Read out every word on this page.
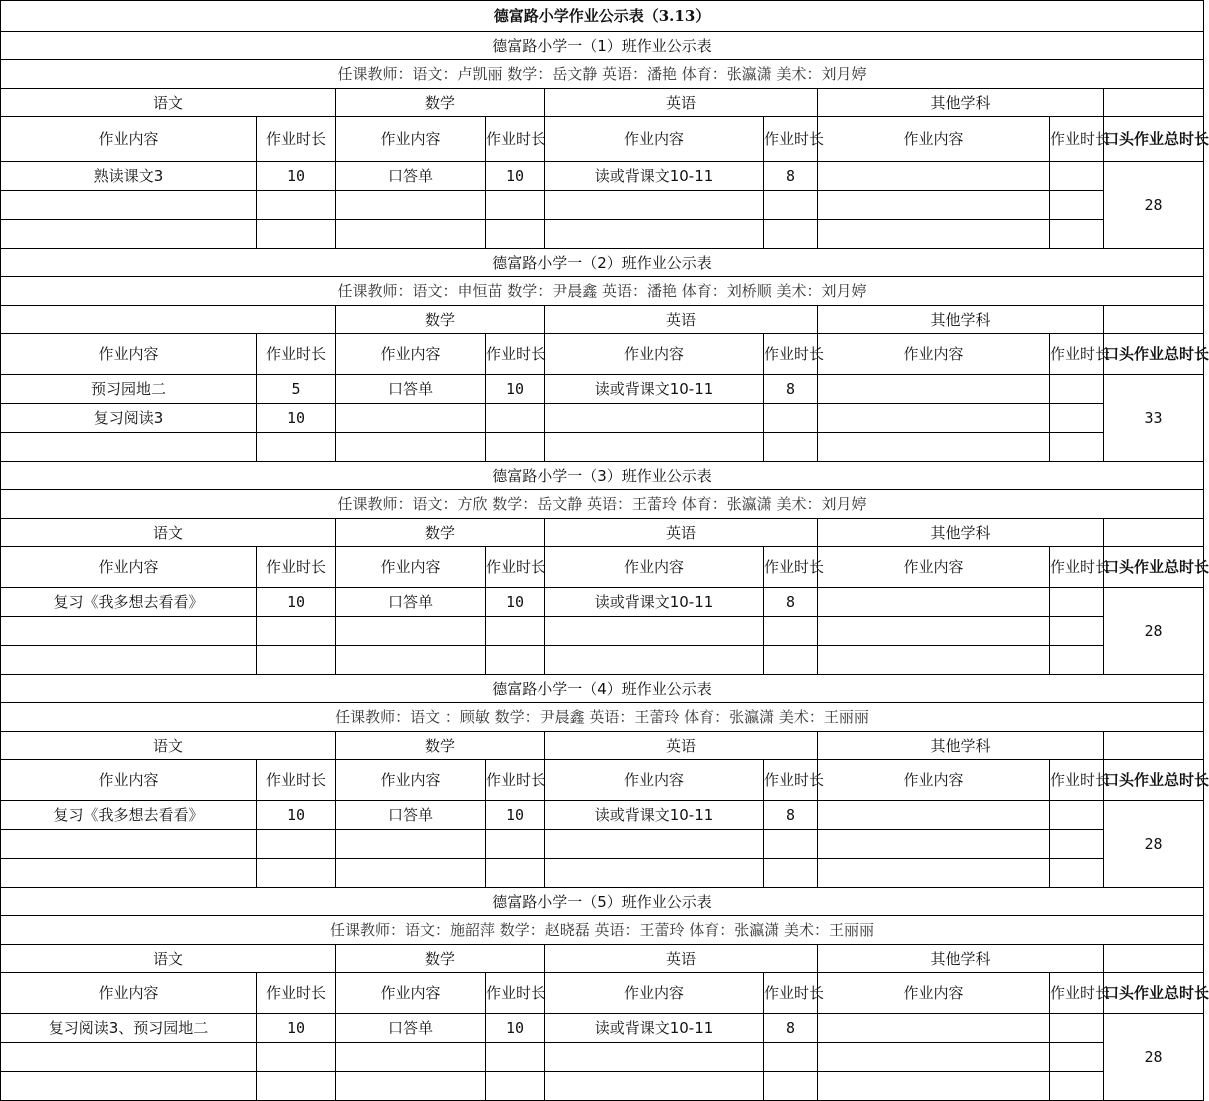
德富路小学作业公示表（3.13）								
德富路小学一（1）班作业公示表								
任课教师：语文：卢凯丽 数学：岳文静 英语：潘艳 体育：张瀛潇 美术：刘月婷								
语文		数学		英语		其他学科		
作业内容	作业时长	作业内容	作业时长	作业内容	作业时长	作业内容	作业时长	口头作业总时长
熟读课文3	10	口答单	10	读或背课文10-11	8			28

德富路小学一（2）班作业公示表								
任课教师：语文：申恒苗 数学：尹晨鑫 英语：潘艳 体育：刘桥顺 美术：刘月婷								
		数学		英语		其他学科		
作业内容	作业时长	作业内容	作业时长	作业内容	作业时长	作业内容	作业时长	口头作业总时长
预习园地二	5	口答单	10	读或背课文10-11	8			33
复习阅读3	10							

德富路小学一（3）班作业公示表								
任课教师：语文：方欣 数学：岳文静 英语：王蕾玲 体育：张瀛潇 美术：刘月婷								
语文		数学		英语		其他学科		
作业内容	作业时长	作业内容	作业时长	作业内容	作业时长	作业内容	作业时长	口头作业总时长
复习《我多想去看看》	10	口答单	10	读或背课文10-11	8			28

德富路小学一（4）班作业公示表								
任课教师：语文 ：顾敏 数学：尹晨鑫 英语：王蕾玲 体育：张瀛潇 美术：王丽丽								
语文		数学		英语		其他学科		
作业内容	作业时长	作业内容	作业时长	作业内容	作业时长	作业内容	作业时长	口头作业总时长
复习《我多想去看看》	10	口答单	10	读或背课文10-11	8			28

德富路小学一（5）班作业公示表								
任课教师：语文：施韶萍 数学：赵晓磊 英语：王蕾玲 体育：张瀛潇 美术：王丽丽								
语文		数学		英语		其他学科		
作业内容	作业时长	作业内容	作业时长	作业内容	作业时长	作业内容	作业时长	口头作业总时长
复习阅读3、预习园地二	10	口答单	10	读或背课文10-11	8			28
